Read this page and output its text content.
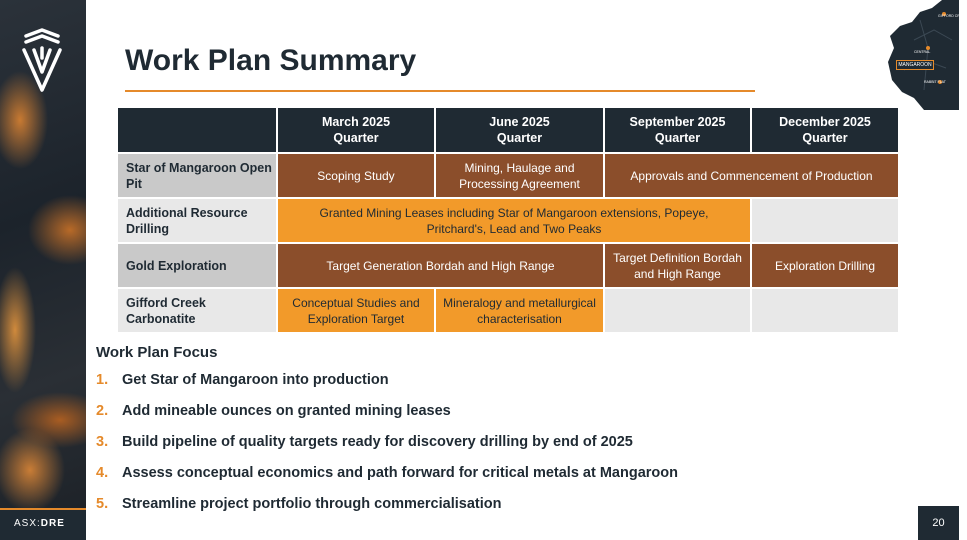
ASX:DRE
Work Plan Summary
GIFFORD CREEK
CENTRAL
RABBIT FLAT
MANGAROON
March 2025
Quarter
June 2025
Quarter
September 2025
Quarter
December 2025
Quarter
Star of Mangaroon Open Pit
Scoping Study
Mining, Haulage and Processing Agreement
Approvals and Commencement of Production
Additional Resource Drilling
Granted Mining Leases including Star of Mangaroon extensions, Popeye, Pritchard's, Lead and Two Peaks
Gold Exploration	Target Generation Bordah and High Range
Target Definition Bordah and High Range
Exploration Drilling
Gifford Creek Carbonatite
Conceptual Studies and Exploration Target
Mineralogy and metallurgical characterisation
Work Plan Focus
1. Get Star of Mangaroon into production
2. Add mineable ounces on granted mining leases
3. Build pipeline of quality targets ready for discovery drilling by end of 2025
4. Assess conceptual economics and path forward for critical metals at Mangaroon
5. Streamline project portfolio through commercialisation
20
